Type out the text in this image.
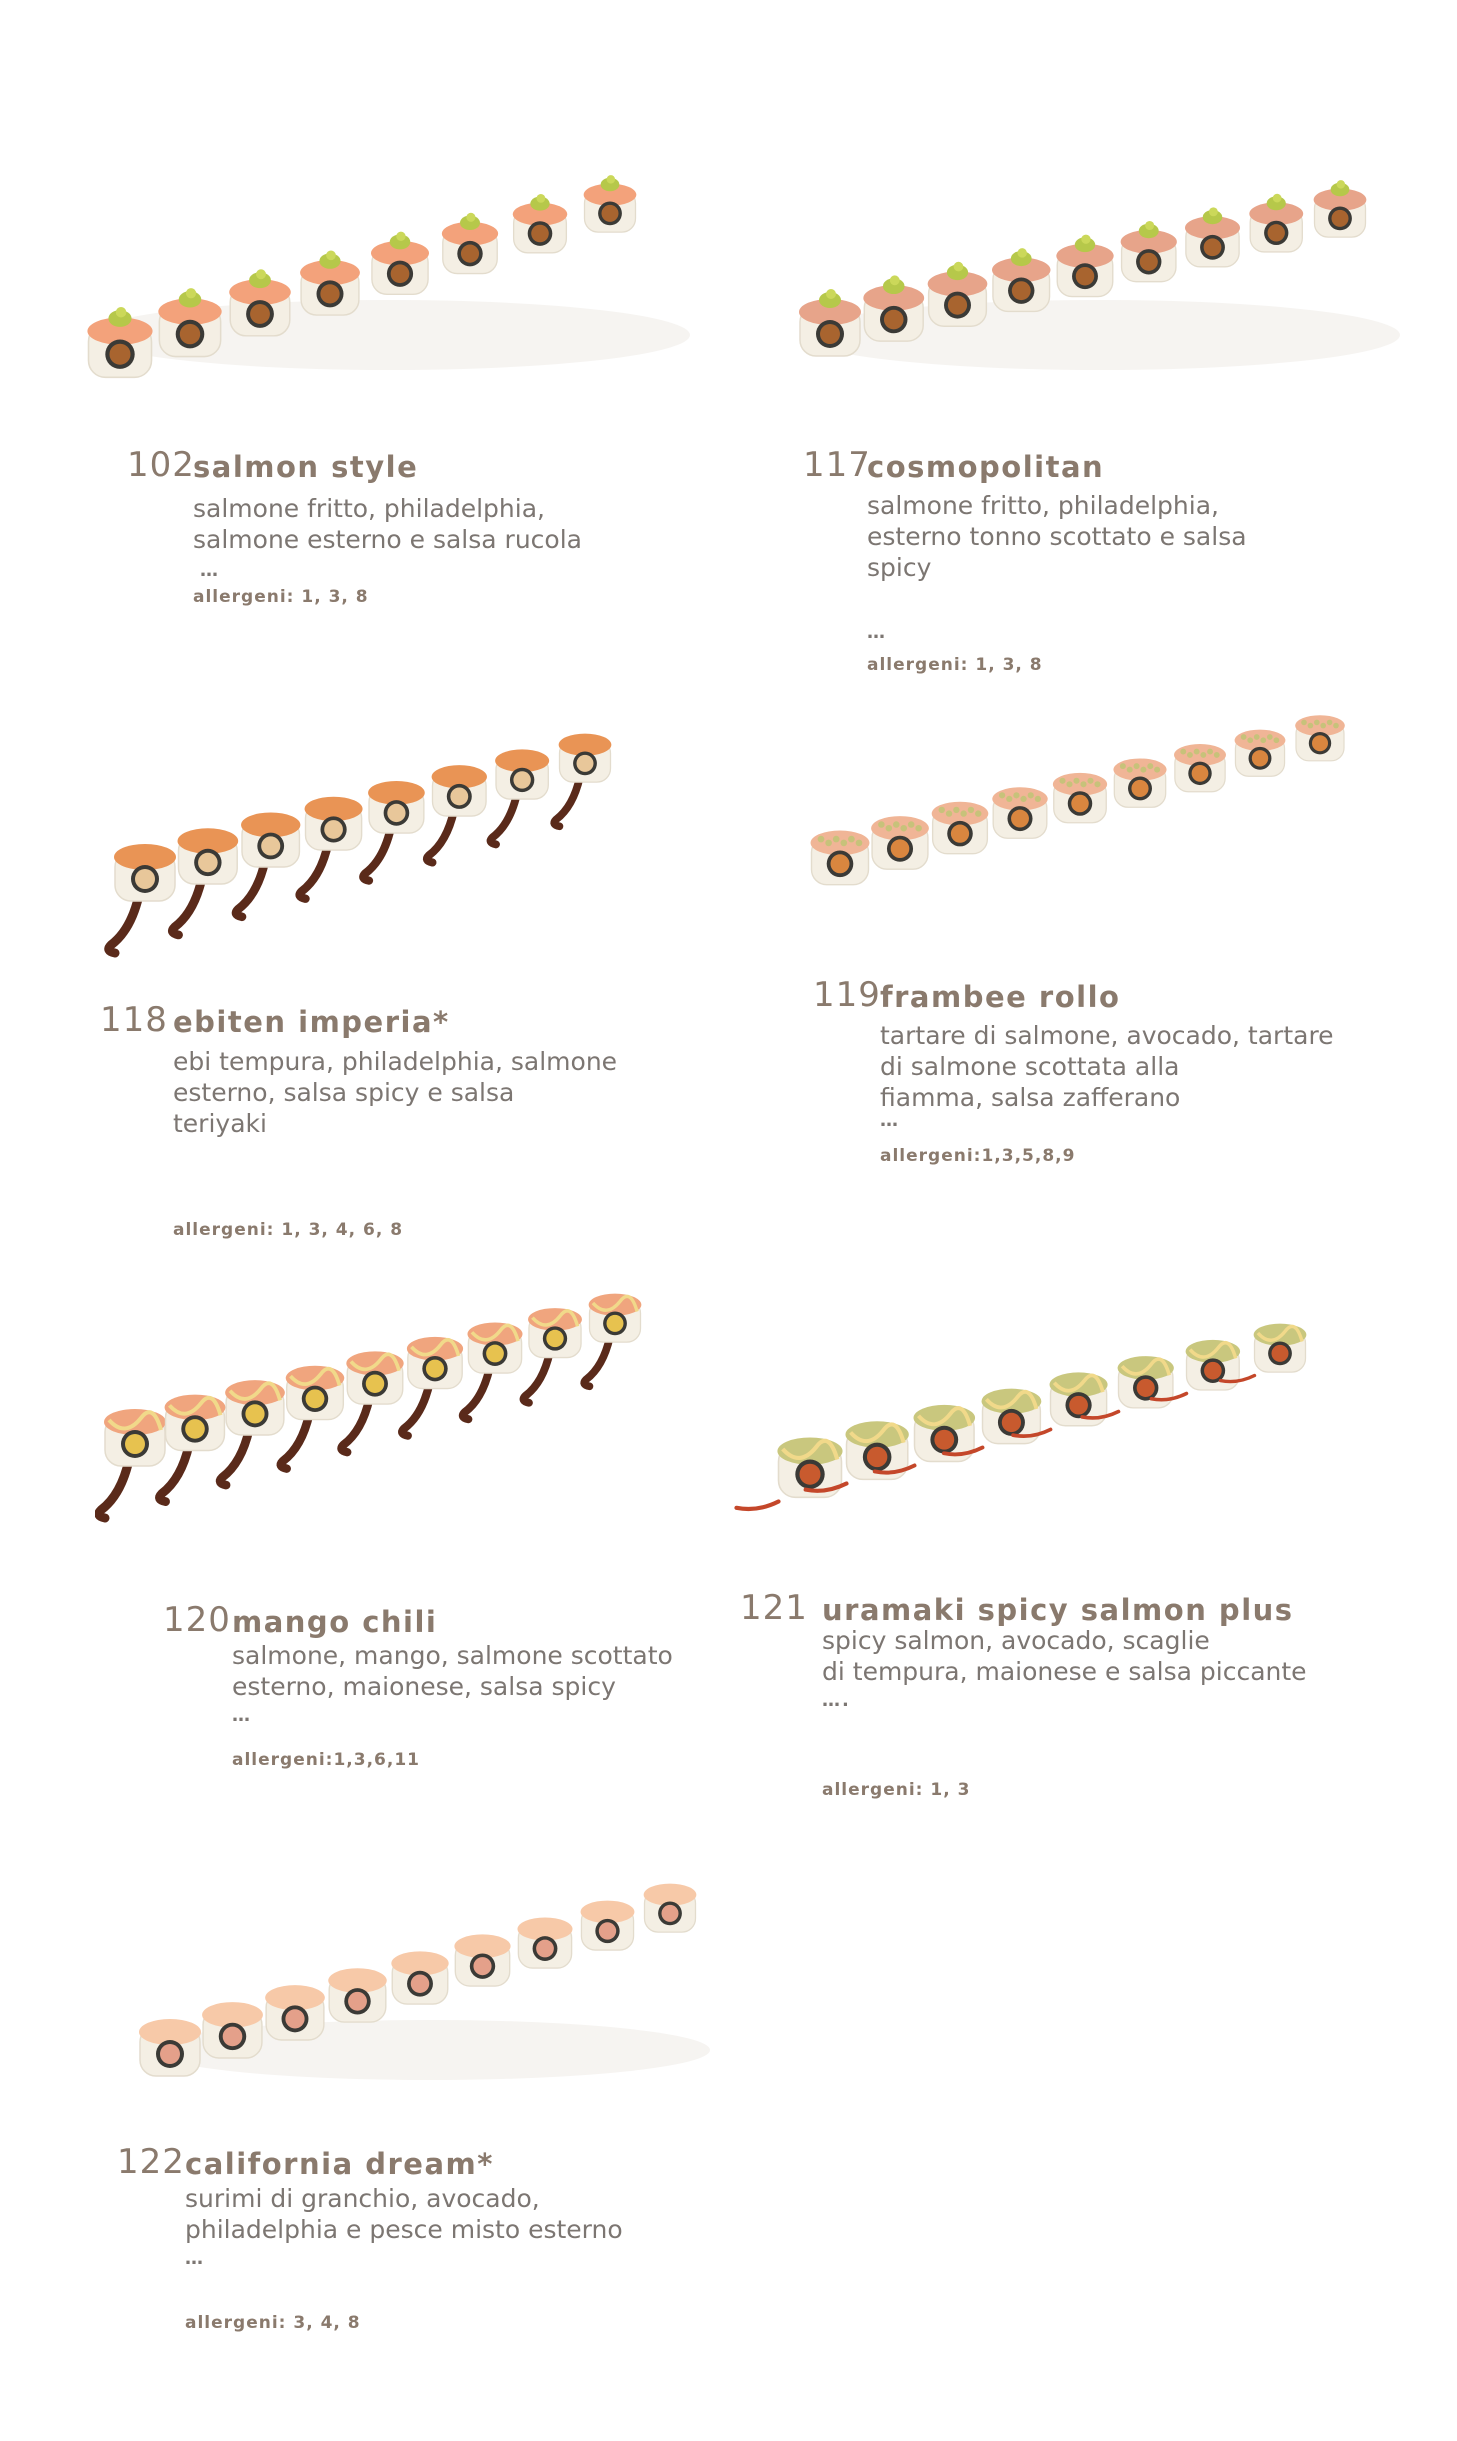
102
salmon style
salmone fritto, philadelphia,
salmone esterno e salsa rucola
…
allergeni: 1, 3, 8
117
cosmopolitan
salmone fritto, philadelphia,
esterno tonno scottato e salsa
spicy
…
allergeni: 1, 3, 8
118 ebiten imperia*
ebi tempura, philadelphia, salmone
esterno, salsa spicy e salsa
teriyaki
allergeni: 1, 3, 4, 6, 8
119 frambee rollo
tartare di salmone, avocado, tartare
di salmone scottata alla
fiamma, salsa zafferano
…
allergeni:1,3,5,8,9
120 mango chili
salmone, mango, salmone scottato
esterno, maionese, salsa spicy
…
allergeni:1,3,6,11
121 uramaki spicy salmon plus
spicy salmon, avocado, scaglie
di tempura, maionese e salsa piccante
….
allergeni: 1, 3
122 california dream*
surimi di granchio, avocado,
philadelphia e pesce misto esterno
…
allergeni: 3, 4, 8
